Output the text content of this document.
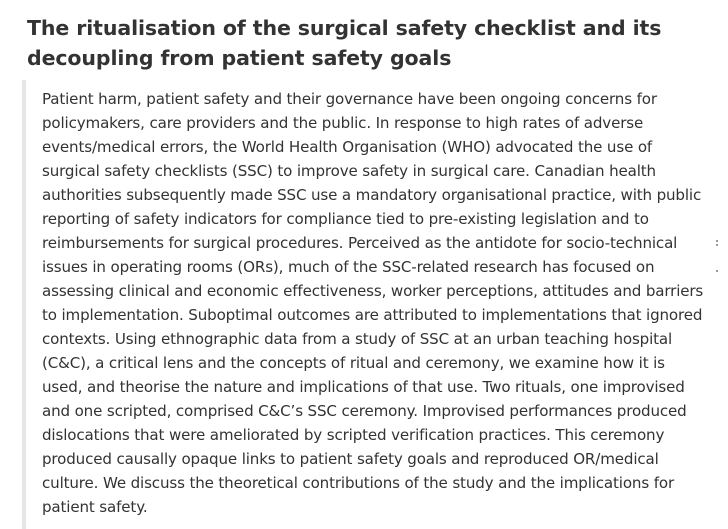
The ritualisation of the surgical safety checklist and its decoupling from patient safety goals

Patient harm, patient safety and their governance have been ongoing concerns for policymakers, care providers and the public. In response to high rates of adverse events/medical errors, the World Health Organisation (WHO) advocated the use of surgical safety checklists (SSC) to improve safety in surgical care. Canadian health authorities subsequently made SSC use a mandatory organisational practice, with public reporting of safety indicators for compliance tied to pre-existing legislation and to reimbursements for surgical procedures. Perceived as the antidote for socio-technical issues in operating rooms (ORs), much of the SSC-related research has focused on assessing clinical and economic effectiveness, worker perceptions, attitudes and barriers to implementation. Suboptimal outcomes are attributed to implementations that ignored contexts. Using ethnographic data from a study of SSC at an urban teaching hospital (C&C), a critical lens and the concepts of ritual and ceremony, we examine how it is used, and theorise the nature and implications of that use. Two rituals, one improvised and one scripted, comprised C&C’s SSC ceremony. Improvised performances produced dislocations that were ameliorated by scripted verification practices. This ceremony produced causally opaque links to patient safety goals and reproduced OR/medical culture. We discuss the theoretical contributions of the study and the implications for patient safety.
